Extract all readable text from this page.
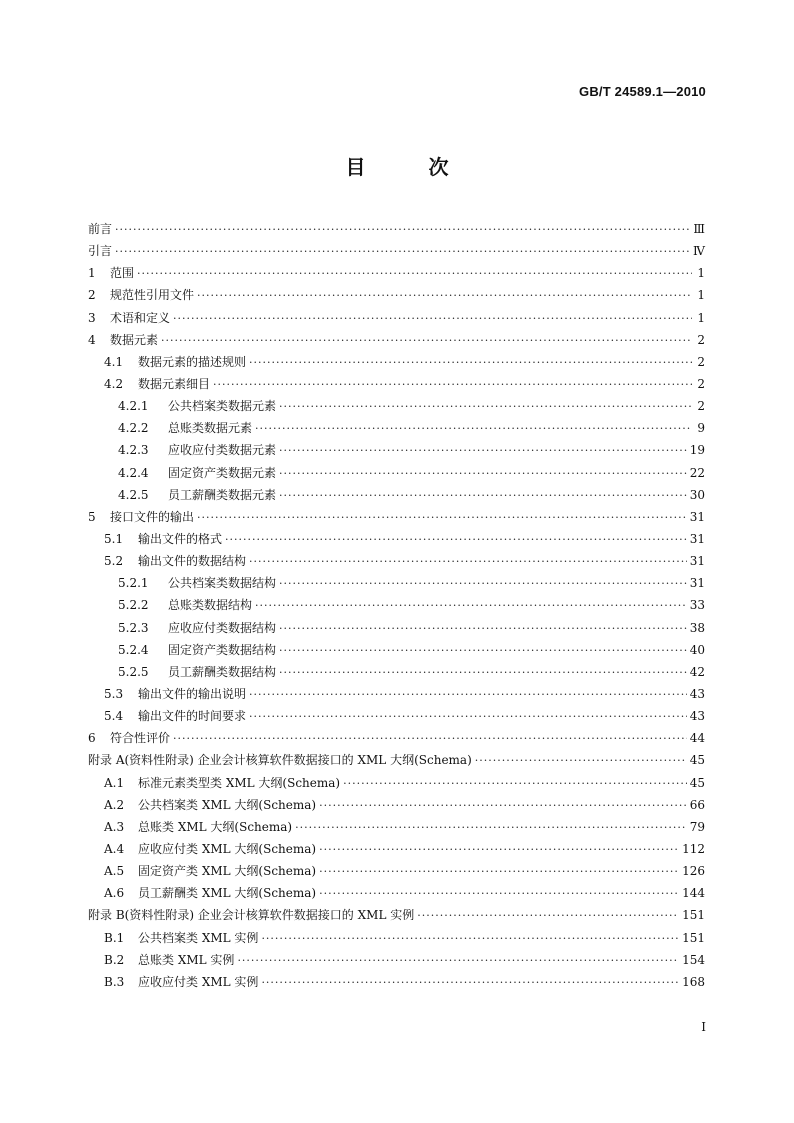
GB/T 24589.1—2010
目 次
前言 ·····	Ⅲ
引言 ·····	Ⅳ
1	范围 ·····	1
2	规范性引用文件 ·····	1
3	术语和定义 ·····	1
4	数据元素 ·····	2
4.1	数据元素的描述规则 ·····	2
4.2	数据元素细目 ·····	2
4.2.1	公共档案类数据元素 ·····	2
4.2.2	总账类数据元素 ·····	9
4.2.3	应收应付类数据元素 ·····	19
4.2.4	固定资产类数据元素 ·····	22
4.2.5	员工薪酬类数据元素 ·····	30
5	接口文件的输出 ·····	31
5.1	输出文件的格式 ·····	31
5.2	输出文件的数据结构 ·····	31
5.2.1	公共档案类数据结构 ·····	31
5.2.2	总账类数据结构 ·····	33
5.2.3	应收应付类数据结构 ·····	38
5.2.4	固定资产类数据结构 ·····	40
5.2.5	员工薪酬类数据结构 ·····	42
5.3	输出文件的输出说明 ·····	43
5.4	输出文件的时间要求 ·····	43
6	符合性评价 ·····	44
附录 A(资料性附录) 企业会计核算软件数据接口的 XML 大纲(Schema) ·····	45
A.1	标准元素类型类 XML 大纲(Schema) ·····	45
A.2	公共档案类 XML 大纲(Schema) ·····	66
A.3	总账类 XML 大纲(Schema) ·····	79
A.4	应收应付类 XML 大纲(Schema) ·····	112
A.5	固定资产类 XML 大纲(Schema) ·····	126
A.6	员工薪酬类 XML 大纲(Schema) ·····	144
附录 B(资料性附录) 企业会计核算软件数据接口的 XML 实例 ·····	151
B.1	公共档案类 XML 实例 ·····	151
B.2	总账类 XML 实例 ·····	154
B.3	应收应付类 XML 实例 ·····	168
Ⅰ
